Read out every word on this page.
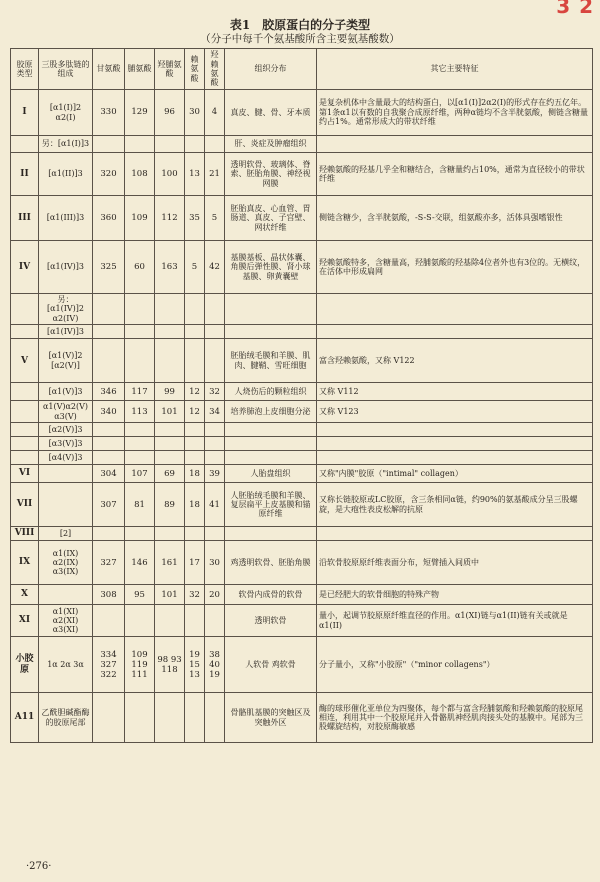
3 2
表1　胶原蛋白的分子类型
（分子中每千个氨基酸所含主要氨基酸数）
胶原类型	三股多肽链的组成	甘氨酸	脯氨酸	羟脯氨酸	赖氨酸	羟赖氨酸	组织分布	其它主要特征
I	[α1(I)]2 α2(I)	330	129	96	30	4	真皮、腱、骨、牙本质	是复杂机体中含量最大的结构蛋白，以[α1(I)]2α2(I)的形式存在约五亿年。第1条α1以有数的自我聚合成原纤维，两种α链均不含半胱氨酸，侧链含糖量约占1%。通常形成大的带状纤维
	另：[α1(I)]3						肝、炎症及肿瘤组织	
II	[α1(II)]3	320	108	100	13	21	透明软骨、玻璃体、脊索、胚胎角膜、神经视网膜	羟赖氨酸的羟基几乎全和糖结合，含糖量约占10%，通常为直径较小的带状纤维
III	[α1(III)]3	360	109	112	35	5	胚胎真皮、心血管、胃肠道、真皮、子宫壁、网状纤维	侧链含糖少，含半胱氨酸，-S-S-交联，组氨酸亦多，活体具强嗜银性
IV	[α1(IV)]3	325	60	163	5	42	基膜基板、晶状体囊、角膜后弹性膜、肾小球基膜、卵黄囊壁	羟赖氨酸特多，含糖量高，羟脯氨酸的羟基除4位者外也有3位的。无横纹，在活体中形成扁网
	另：[α1(IV)]2 α2(IV)							
	[α1(IV)]3							
V	[α1(V)]2 [α2(V)]						胚胎绒毛膜和羊膜、肌肉、腱鞘、雪旺细胞	富含羟赖氨酸，又称 V122
	[α1(V)]3	346	117	99	12	32	人烧伤后的颗粒组织	又称 V112
	α1(V)α2(V) α3(V)	340	113	101	12	34	培养肺泡上皮细胞分泌	又称 V123
	[α2(V)]3							
	[α3(V)]3							
	[α4(V)]3							
VI		304	107	69	18	39	人胎盘组织	又称"内膜"胶原（"intimal" collagen）
VII		307	81	89	18	41	人胚胎绒毛膜和羊膜、复层扁平上皮基膜和锚原纤维	又称长链胶原或LC胶原，含三条相同α链，约90%的氨基酸成分呈三股螺旋，是大疱性表皮松解的抗原
VIII	[2]							
IX	α1(IX) α2(IX) α3(IX)	327	146	161	17	30	鸡透明软骨、胚胎角膜	沿软骨胶原原纤维表面分布，短臂插入间质中
X		308	95	101	32	20	软骨内成骨的软骨	是已经肥大的软骨细胞的特殊产物
XI	α1(XI) α2(XI) α3(XI)						透明软骨	量小，起调节胶原原纤维直径的作用。α1(XI)链与α1(II)链有关或就是α1(II)
小胶原	1α 2α 3α	334 327 322	109 119 111	98 93 118	19 15 13	38 40 19	人软骨 鸡软骨	分子量小，又称"小胶原"（"minor collagens"）
A11	乙酰胆碱酯酶的胶原尾部						骨骼肌基膜的突触区及突触外区	酶的球形催化亚单位为四聚体，每个都与富含羟脯氨酸和羟赖氨酸的胶原尾相连，利用其中一个胶原尾并入骨骼肌神经肌肉接头处的基膜中。尾部为三股螺旋结构，对胶原酶敏感
·276·
